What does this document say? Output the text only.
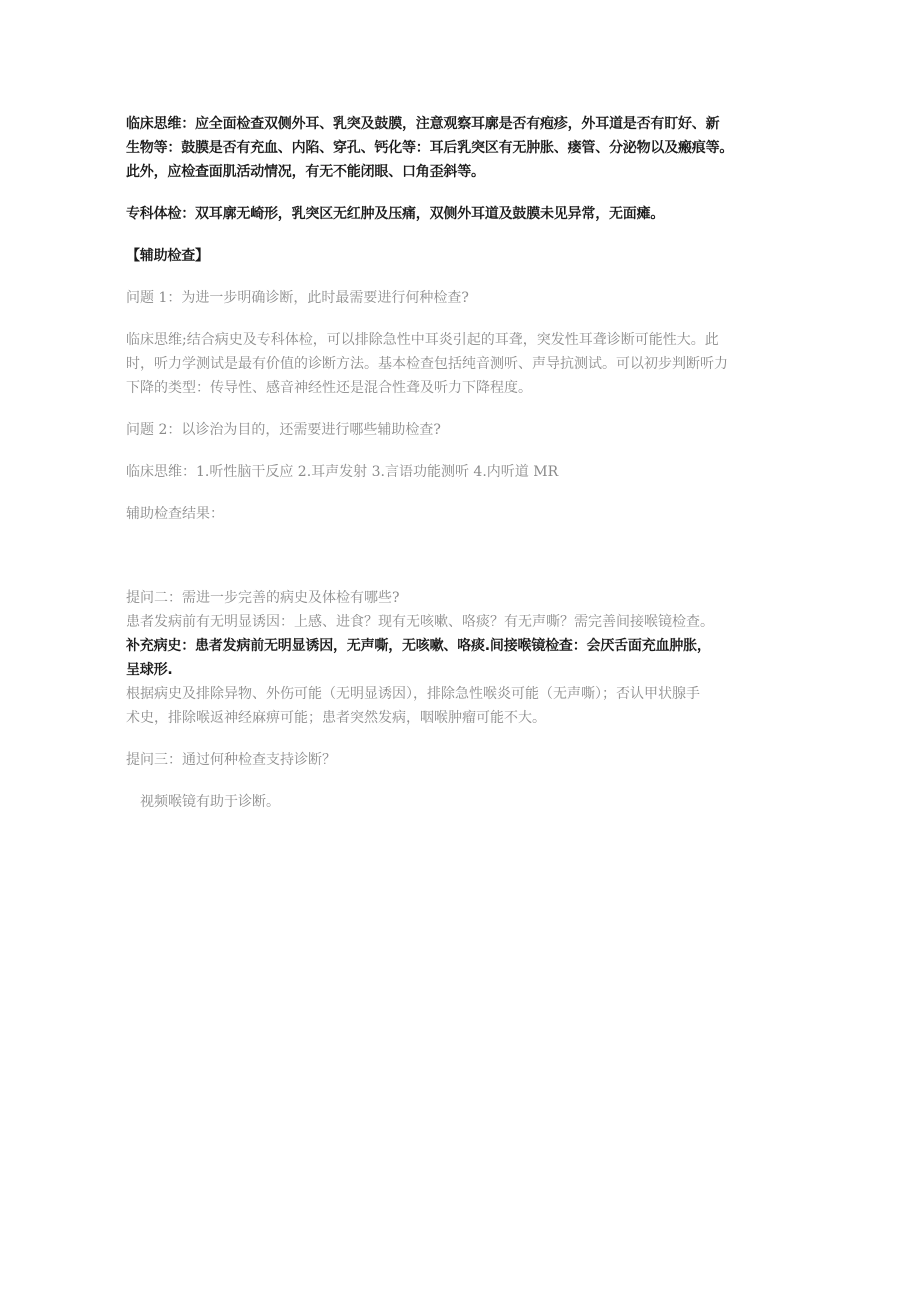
临床思维：应全面检查双侧外耳、乳突及鼓膜，注意观察耳廓是否有疱疹，外耳道是否有盯好、新

生物等：鼓膜是否有充血、内陷、穿孔、钙化等：耳后乳突区有无肿胀、瘘管、分泌物以及瘢痕等。

此外，应检查面肌活动情况，有无不能闭眼、口角歪斜等。

专科体检：双耳廓无崎形，乳突区无红肿及压痛，双侧外耳道及鼓膜未见异常，无面瘫。

【辅助检查】

问题 1：为进一步明确诊断，此时最需要进行何种检查?

临床思维;结合病史及专科体检，可以排除急性中耳炎引起的耳聋，突发性耳聋诊断可能性大。此

时，听力学测试是最有价值的诊断方法。基本检查包括纯音测听、声导抗测试。可以初步判断听力

下降的类型：传导性、感音神经性还是混合性聋及听力下降程度。

问题 2：以诊治为目的，还需要进行哪些辅助检查?

临床思维：1.听性脑干反应 2.耳声发射 3.言语功能测听 4.内听道 MR

辅助检查结果：

提问二：需进一步完善的病史及体检有哪些?

患者发病前有无明显诱因：上感、进食？现有无咳嗽、咯痰？有无声嘶？需完善间接喉镜检查。

补充病史：患者发病前无明显诱因，无声嘶，无咳嗽、咯痰.间接喉镜检查：会厌舌面充血肿胀，

呈球形.

根据病史及排除异物、外伤可能（无明显诱因），排除急性喉炎可能（无声嘶）；否认甲状腺手

术史，排除喉返神经麻痹可能；患者突然发病，咽喉肿瘤可能不大。

提问三：通过何种检查支持诊断？

视频喉镜有助于诊断。
